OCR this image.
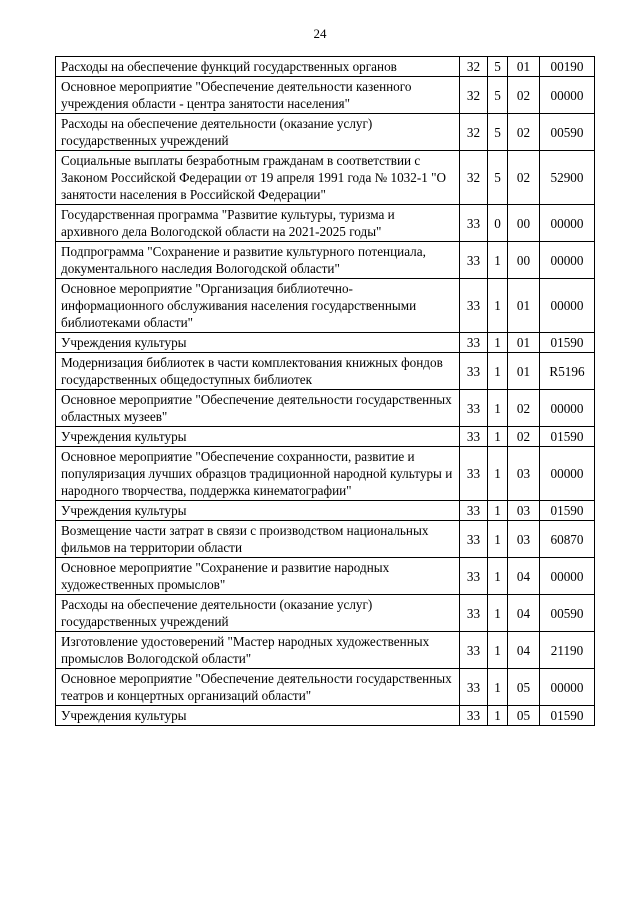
24
Расходы на обеспечение функций государственных органов	32	5	01	00190
Основное мероприятие "Обеспечение деятельности казенного учреждения области - центра занятости населения"	32	5	02	00000
Расходы на обеспечение деятельности (оказание услуг) государственных учреждений	32	5	02	00590
Социальные выплаты безработным гражданам в соответствии с Законом Российской Федерации от 19 апреля 1991 года № 1032-1 "О занятости населения в Российской Федерации"	32	5	02	52900
Государственная программа "Развитие культуры, туризма и архивного дела Вологодской области на 2021-2025 годы"	33	0	00	00000
Подпрограмма "Сохранение и развитие культурного потенциала, документального наследия Вологодской области"	33	1	00	00000
Основное мероприятие "Организация библиотечно-информационного обслуживания населения государственными библиотеками области"	33	1	01	00000
Учреждения культуры	33	1	01	01590
Модернизация библиотек в части комплектования книжных фондов государственных общедоступных библиотек	33	1	01	R5196
Основное мероприятие "Обеспечение деятельности государственных областных музеев"	33	1	02	00000
Учреждения культуры	33	1	02	01590
Основное мероприятие "Обеспечение сохранности, развитие и популяризация лучших образцов традиционной народной культуры и народного творчества, поддержка кинематографии"	33	1	03	00000
Учреждения культуры	33	1	03	01590
Возмещение части затрат в связи с производством национальных фильмов на территории области	33	1	03	60870
Основное мероприятие "Сохранение и развитие народных художественных промыслов"	33	1	04	00000
Расходы на обеспечение деятельности (оказание услуг) государственных учреждений	33	1	04	00590
Изготовление удостоверений "Мастер народных художественных промыслов Вологодской области"	33	1	04	21190
Основное мероприятие "Обеспечение деятельности государственных театров и концертных организаций области"	33	1	05	00000
Учреждения культуры	33	1	05	01590
